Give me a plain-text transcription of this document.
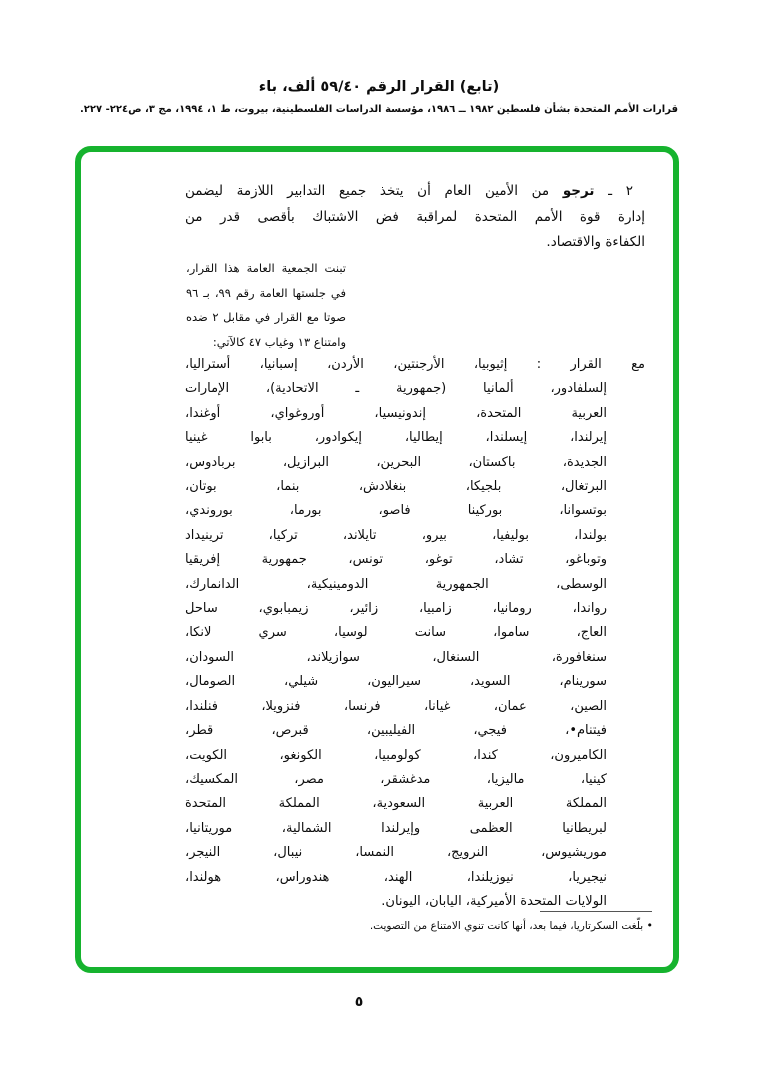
(تابع) القرار الرقم ٥٩/٤٠ ألف، باء
قرارات الأمم المتحدة بشأن فلسطين ١٩٨٢ ــ ١٩٨٦، مؤسسة الدراسات الفلسطينية، بيروت، ط ١، ١٩٩٤، مج ٣، ص٢٢٤- ٢٢٧.
٢ ـ ترجو من الأمين العام أن يتخذ جميع التدابير اللازمة ليضمن
إدارة قوة الأمم المتحدة لمراقبة فض الاشتباك بأقصى قدر من
الكفاءة والاقتصاد.
تبنت الجمعية العامة هذا القرار،
في جلستها العامة رقم ٩٩، بـ ٩٦
صوتا مع القرار في مقابل ٢ ضده
وامتناع ١٣ وغياب ٤٧ كالآتي:
مع القرار : إثيوبيا، الأرجنتين، الأردن، إسبانيا، أستراليا،
إلسلفادور، ألمانيا (جمهورية ـ الاتحادية)، الإمارات
العربية المتحدة، إندونيسيا، أوروغواي، أوغندا،
إيرلندا، إيسلندا، إيطاليا، إيكوادور، بابوا غينيا
الجديدة، باكستان، البحرين، البرازيل، بربادوس،
البرتغال، بلجيكا، بنغلادش، بنما، بوتان،
بوتسوانا، بوركينا فاصو، بورما، بوروندي،
بولندا، بوليفيا، بيرو، تايلاند، تركيا، ترينيداد
وتوباغو، تشاد، توغو، تونس، جمهورية إفريقيا
الوسطى، الجمهورية الدومينيكية، الدانمارك،
رواندا، رومانيا، زامبيا، زائير، زيمبابوي، ساحل
العاج، ساموا، سانت لوسيا، سري لانكا،
سنغافورة، السنغال، سوازيلاند، السودان،
سورينام، السويد، سيراليون، شيلي، الصومال،
الصين، عمان، غيانا، فرنسا، فنزويلا، فنلندا،
فيتنام•، فيجي، الفيليبين، قبرص، قطر،
الكاميرون، كندا، كولومبيا، الكونغو، الكويت،
كينيا، ماليزيا، مدغشقر، مصر، المكسيك،
المملكة العربية السعودية، المملكة المتحدة
لبريطانيا العظمى وإيرلندا الشمالية، موريتانيا،
موريشيوس، النرويج، النمسا، نيبال، النيجر،
نيجيريا، نيوزيلندا، الهند، هندوراس، هولندا،
الولايات المتحدة الأميركية، اليابان، اليونان.
• بلّغت السكرتاريا، فيما بعد، أنها كانت تنوي الامتناع من التصويت.
٥
